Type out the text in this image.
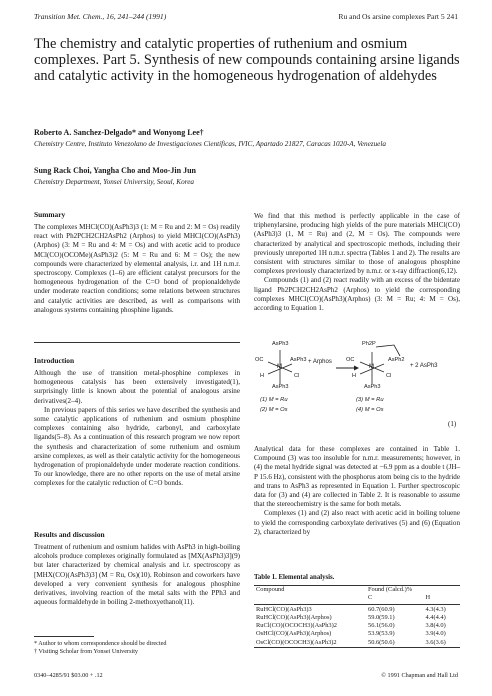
Transition Met. Chem., 16, 241–244 (1991)	Ru and Os arsine complexes Part 5 241
The chemistry and catalytic properties of ruthenium and osmium complexes. Part 5. Synthesis of new compounds containing arsine ligands and catalytic activity in the homogeneous hydrogenation of aldehydes
Roberto A. Sanchez-Delgado* and Wonyong Lee†
Chemistry Centre, Instituto Venezolano de Investigaciones Científicas, IVIC, Apartado 21827, Caracas 1020-A, Venezuela
Sung Rack Choi, Yangha Cho and Moo-Jin Jun
Chemistry Department, Yonsei University, Seoul, Korea
Summary

The complexes MHCl(CO)(AsPh3)3 (1: M = Ru and 2: M = Os) readily react with Ph2PCH2CH2AsPh2 (Arphos) to yield MHCl(CO)(AsPh3)(Arphos) (3: M = Ru and 4: M = Os) and with acetic acid to produce MCl(CO)(OCOMe)(AsPh3)2 (5: M = Ru and 6: M = Os); the new compounds were characterized by elemental analysis, i.r. and 1H n.m.r. spectroscopy. Complexes (1–6) are efficient catalyst precursors for the homogeneous hydrogenation of the C=O bond of propionaldehyde under moderate reaction conditions; some relations between structures and catalytic activities are described, as well as comparisons with analogous systems containing phosphine ligands.

Introduction

Although the use of transition metal-phosphine complexes in homogeneous catalysis has been extensively investigated(1), surprisingly little is known about the potential of analogous arsine derivatives(2–4).

In previous papers of this series we have described the synthesis and some catalytic applications of ruthenium and osmium phosphine complexes containing also hydride, carbonyl, and carboxylate ligands(5–8). As a continuation of this research program we now report the synthesis and characterization of some ruthenium and osmium arsine complexes, as well as their catalytic activity for the homogeneous hydrogenation of propionaldehyde under moderate reaction conditions. To our knowledge, there are no other reports on the use of metal arsine complexes for the catalytic reduction of C=O bonds.

Results and discussion

Treatment of ruthenium and osmium halides with AsPh3 in high-boiling alcohols produce complexes originally formulated as [MX(AsPh3)3](9) but later characterized by chemical analysis and i.r. spectroscopy as [MHX(CO)(AsPh3)3] (M = Ru, Os)(10). Robinson and coworkers have developed a very convenient synthesis for analogous phosphine derivatives, involving reaction of the metal salts with the PPh3 and aqueous formaldehyde in boiling 2-methoxyethanol(11).

* Author to whom correspondence should be directed
† Visiting Scholar from Yonsei University
0340–4285/91 $03.00 + .12	© 1991 Chapman and Hall Ltd

We find that this method is perfectly applicable in the case of triphenylarsine, producing high yields of the pure materials MHCl(CO)(AsPh3)3 (1, M = Ru) and (2, M = Os). The compounds were characterized by analytical and spectroscopic methods, including their previously unreported 1H n.m.r. spectra (Tables 1 and 2). The results are consistent with structures similar to those of analogous phosphine complexes previously characterized by n.m.r. or x-ray diffraction(6,12).

Compounds (1) and (2) react readily with an excess of the bidentate ligand Ph2PCH2CH2AsPh2 (Arphos) to yield the corresponding complexes MHCl(CO)(AsPh3)(Arphos) (3: M = Ru; 4: M = Os), according to Equation 1.

AsPh3
OC
M
AsPh3
H	Cl
AsPh3
+ Arphos
Ph2P
OC
M
AsPh2
H	Cl
AsPh3
+ 2 AsPh3
(1) M = Ru
(2) M = Os
(3) M = Ru
(4) M = Os
(1)

Analytical data for these complexes are contained in Table 1. Compound (3) was too insoluble for n.m.r. measurements; however, in (4) the metal hydride signal was detected at −6.9 ppm as a double t (JH–P 15.6 Hz), consistent with the phosphorus atom being cis to the hydride and trans to AsPh3 as represented in Equation 1. Further spectroscopic data for (3) and (4) are collected in Table 2. It is reasonable to assume that the stereochemistry is the same for both metals.

Complexes (1) and (2) also react with acetic acid in boiling toluene to yield the corresponding carboxylate derivatives (5) and (6) (Equation 2), characterized by

Table 1. Elemental analysis.
Compound	Found (Calcd.)%	
	C	H

RuHCl(CO)(AsPh3)3	60.7(60.9)	4.3(4.3)
RuHCl(CO)(AsPh3)(Arphos)	59.0(59.1)	4.4(4.4)
RuCl(CO)(OCOCH3)(AsPh3)2	56.1(56.0)	3.8(4.0)
OsHCl(CO)(AsPh3)(Arphos)	53.9(53.9)	3.9(4.0)
OsCl(CO)(OCOCH3)(AsPh3)2	50.6(50.6)	3.6(3.6)
